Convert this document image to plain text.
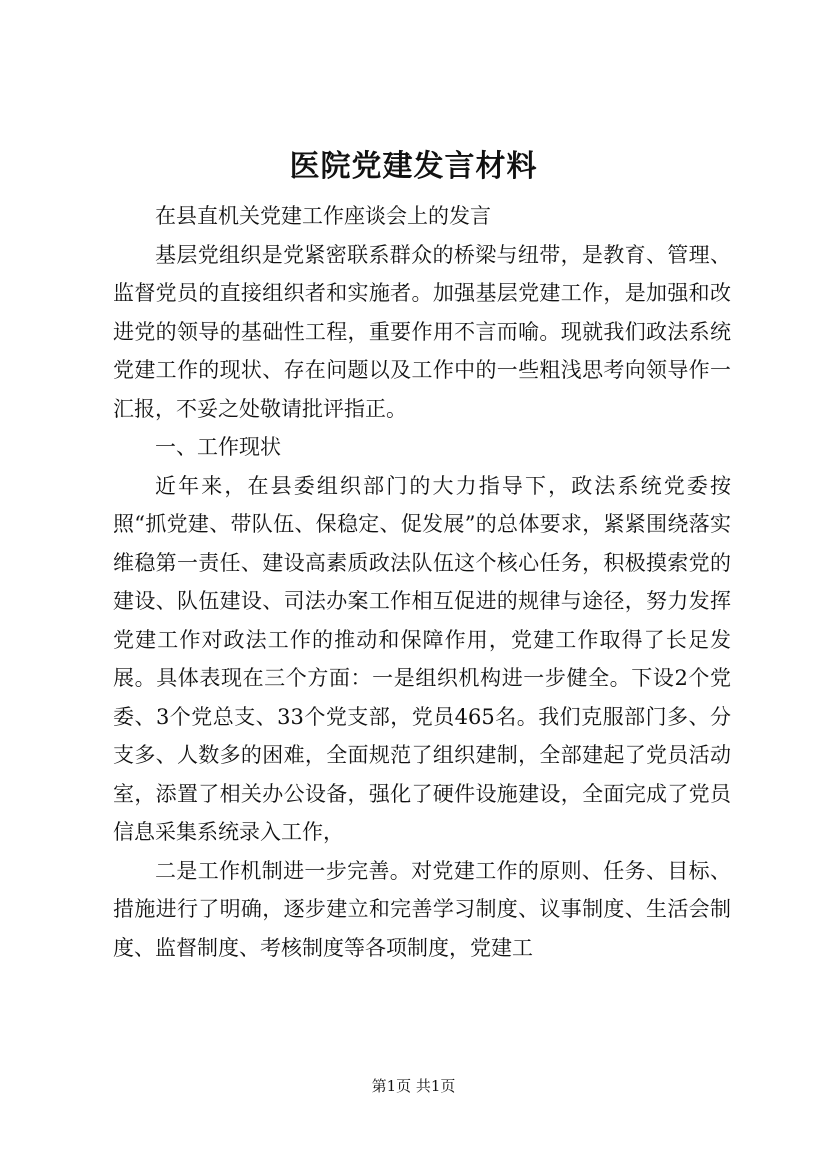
医院党建发言材料

在县直机关党建工作座谈会上的发言

基层党组织是党紧密联系群众的桥梁与纽带，是教育、管理、监督党员的直接组织者和实施者。加强基层党建工作，是加强和改进党的领导的基础性工程，重要作用不言而喻。现就我们政法系统党建工作的现状、存在问题以及工作中的一些粗浅思考向领导作一汇报，不妥之处敬请批评指正。

一、工作现状

近年来，在县委组织部门的大力指导下，政法系统党委按照“抓党建、带队伍、保稳定、促发展”的总体要求，紧紧围绕落实维稳第一责任、建设高素质政法队伍这个核心任务，积极摸索党的建设、队伍建设、司法办案工作相互促进的规律与途径，努力发挥党建工作对政法工作的推动和保障作用，党建工作取得了长足发展。具体表现在三个方面：一是组织机构进一步健全。下设2个党委、3个党总支、33个党支部，党员465名。我们克服部门多、分支多、人数多的困难，全面规范了组织建制，全部建起了党员活动室，添置了相关办公设备，强化了硬件设施建设，全面完成了党员信息采集系统录入工作，

二是工作机制进一步完善。对党建工作的原则、任务、目标、措施进行了明确，逐步建立和完善学习制度、议事制度、生活会制度、监督制度、考核制度等各项制度，党建工

第1页 共1页
